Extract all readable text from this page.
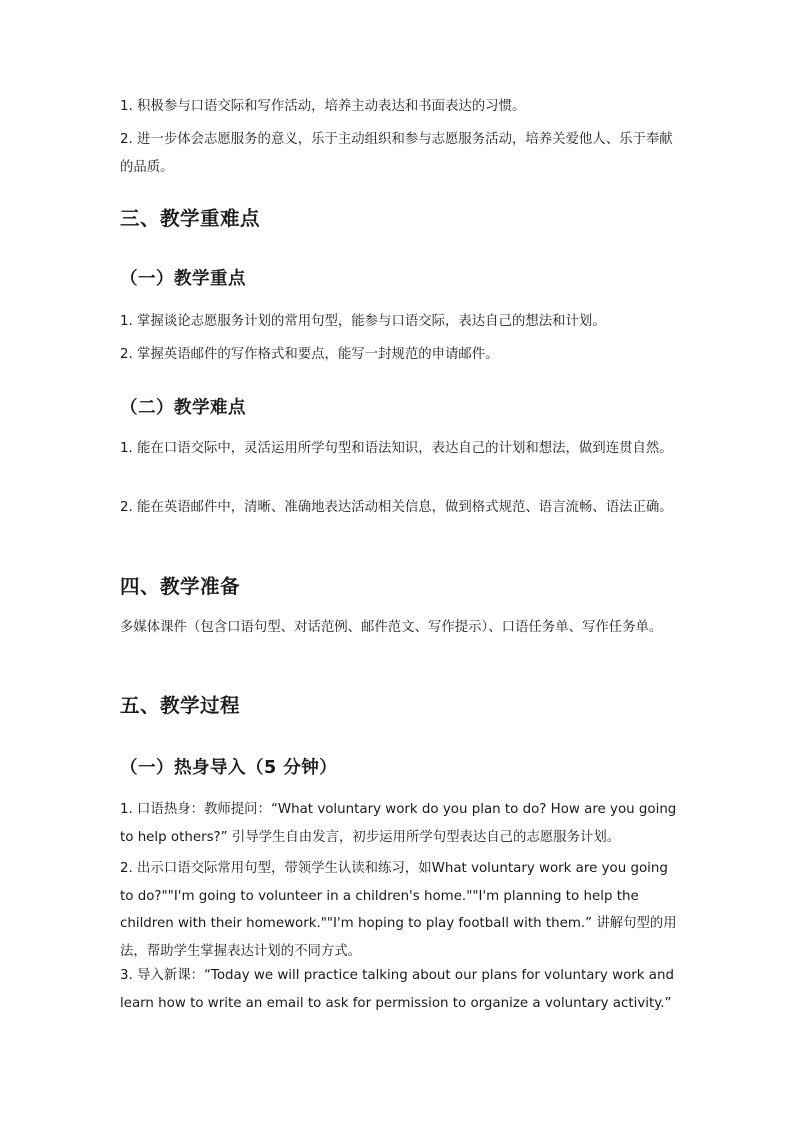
1. 积极参与口语交际和写作活动，培养主动表达和书面表达的习惯。

2. 进一步体会志愿服务的意义，乐于主动组织和参与志愿服务活动，培养关爱他人、乐于奉献的品质。

三、教学重难点
（一）教学重点

1. 掌握谈论志愿服务计划的常用句型，能参与口语交际，表达自己的想法和计划。

2. 掌握英语邮件的写作格式和要点，能写一封规范的申请邮件。

（二）教学难点

1. 能在口语交际中，灵活运用所学句型和语法知识，表达自己的计划和想法，做到连贯自然。

2. 能在英语邮件中，清晰、准确地表达活动相关信息，做到格式规范、语言流畅、语法正确。

四、教学准备

多媒体课件（包含口语句型、对话范例、邮件范文、写作提示）、口语任务单、写作任务单。

五、教学过程
（一）热身导入（5 分钟）

1. 口语热身：教师提问：“What voluntary work do you plan to do? How are you going to help others?” 引导学生自由发言，初步运用所学句型表达自己的志愿服务计划。

2. 出示口语交际常用句型，带领学生认读和练习，如What voluntary work are you going to do?""I'm going to volunteer in a children's home.""I'm planning to help the children with their homework.""I'm hoping to play football with them.” 讲解句型的用法，帮助学生掌握表达计划的不同方式。

3. 导入新课：“Today we will practice talking about our plans for voluntary work and learn how to write an email to ask for permission to organize a voluntary activity.”
